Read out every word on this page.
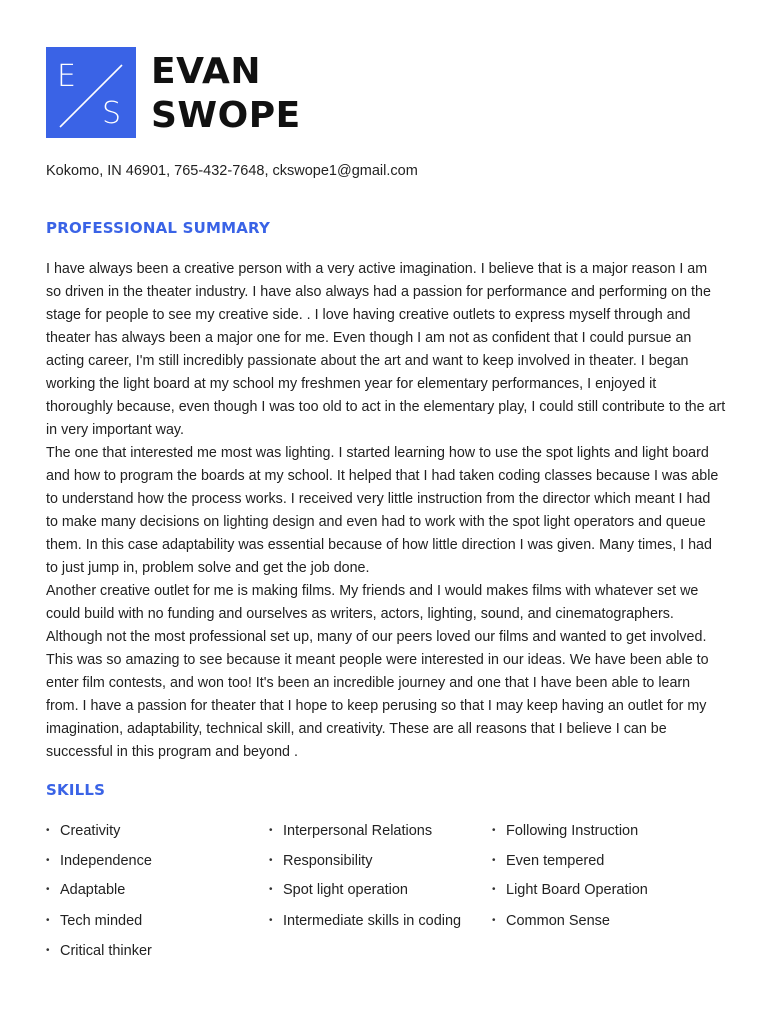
E
S
EVAN
SWOPE
Kokomo, IN 46901, 765-432-7648, ckswope1@gmail.com
PROFESSIONAL SUMMARY

I have always been a creative person with a very active imagination. I believe that is a major reason I am so driven in the theater industry. I have also always had a passion for performance and performing on the stage for people to see my creative side. . I love having creative outlets to express myself through and theater has always been a major one for me. Even though I am not as confident that I could pursue an acting career, I'm still incredibly passionate about the art and want to keep involved in theater. I began working the light board at my school my freshmen year for elementary performances, I enjoyed it thoroughly because, even though I was too old to act in the elementary play, I could still contribute to the art in very important way.

The one that interested me most was lighting. I started learning how to use the spot lights and light board and how to program the boards at my school. It helped that I had taken coding classes because I was able to understand how the process works. I received very little instruction from the director which meant I had to make many decisions on lighting design and even had to work with the spot light operators and queue them. In this case adaptability was essential because of how little direction I was given. Many times, I had to just jump in, problem solve and get the job done.

Another creative outlet for me is making films. My friends and I would makes films with whatever set we could build with no funding and ourselves as writers, actors, lighting, sound, and cinematographers. Although not the most professional set up, many of our peers loved our films and wanted to get involved. This was so amazing to see because it meant people were interested in our ideas. We have been able to enter film contests, and won too! It's been an incredible journey and one that I have been able to learn from. I have a passion for theater that I hope to keep perusing so that I may keep having an outlet for my imagination, adaptability, technical skill, and creativity. These are all reasons that I believe I can be successful in this program and beyond .

SKILLS
• Creativity
• Independence
• Adaptable
• Tech minded
• Critical thinker
• Interpersonal Relations
• Responsibility
• Spot light operation
• Intermediate skills in coding
• Following Instruction
• Even tempered
• Light Board Operation
• Common Sense
